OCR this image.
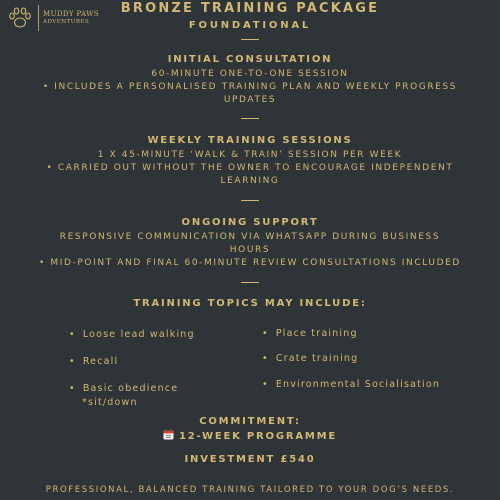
MUDDY PAWS
ADVENTURES
BRONZE TRAINING PACKAGE
FOUNDATIONAL
INITIAL CONSULTATION
60-MINUTE ONE-TO-ONE SESSION
• INCLUDES A PERSONALISED TRAINING PLAN AND WEEKLY PROGRESS
UPDATES
WEEKLY TRAINING SESSIONS
1 X 45-MINUTE ‘WALK & TRAIN’ SESSION PER WEEK
• CARRIED OUT WITHOUT THE OWNER TO ENCOURAGE INDEPENDENT
LEARNING
ONGOING SUPPORT
RESPONSIVE COMMUNICATION VIA WHATSAPP DURING BUSINESS
HOURS
• MID-POINT AND FINAL 60-MINUTE REVIEW CONSULTATIONS INCLUDED
TRAINING TOPICS MAY INCLUDE:
• Loose lead walking
• Recall
• Basic obedience
*sit/down
• Place training
• Crate training
• Environmental Socialisation
COMMITMENT:
12-WEEK PROGRAMME
INVESTMENT £540
PROFESSIONAL, BALANCED TRAINING TAILORED TO YOUR DOG’S NEEDS.
